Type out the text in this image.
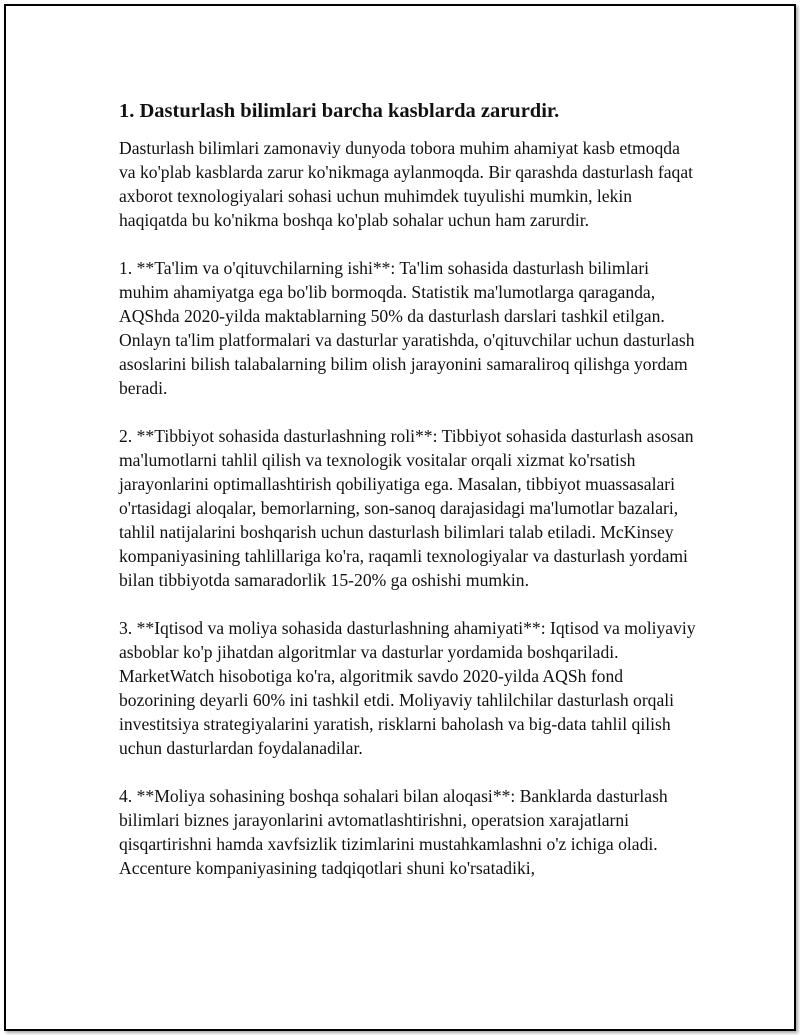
1. Dasturlash bilimlari barcha kasblarda zarurdir.

Dasturlash bilimlari zamonaviy dunyoda tobora muhim ahamiyat kasb etmoqda va ko'plab kasblarda zarur ko'nikmaga aylanmoqda. Bir qarashda dasturlash faqat axborot texnologiyalari sohasi uchun muhimdek tuyulishi mumkin, lekin haqiqatda bu ko'nikma boshqa ko'plab sohalar uchun ham zarurdir.

1. **Ta'lim va o'qituvchilarning ishi**: Ta'lim sohasida dasturlash bilimlari muhim ahamiyatga ega bo'lib bormoqda. Statistik ma'lumotlarga qaraganda, AQShda 2020-yilda maktablarning 50% da dasturlash darslari tashkil etilgan. Onlayn ta'lim platformalari va dasturlar yaratishda, o'qituvchilar uchun dasturlash asoslarini bilish talabalarning bilim olish jarayonini samaraliroq qilishga yordam beradi.

2. **Tibbiyot sohasida dasturlashning roli**: Tibbiyot sohasida dasturlash asosan ma'lumotlarni tahlil qilish va texnologik vositalar orqali xizmat ko'rsatish jarayonlarini optimallashtirish qobiliyatiga ega. Masalan, tibbiyot muassasalari o'rtasidagi aloqalar, bemorlarning, son-sanoq darajasidagi ma'lumotlar bazalari, tahlil natijalarini boshqarish uchun dasturlash bilimlari talab etiladi. McKinsey kompaniyasining tahlillariga ko'ra, raqamli texnologiyalar va dasturlash yordami bilan tibbiyotda samaradorlik 15-20% ga oshishi mumkin.

3. **Iqtisod va moliya sohasida dasturlashning ahamiyati**: Iqtisod va moliyaviy asboblar ko'p jihatdan algoritmlar va dasturlar yordamida boshqariladi. MarketWatch hisobotiga ko'ra, algoritmik savdo 2020-yilda AQSh fond bozorining deyarli 60% ini tashkil etdi. Moliyaviy tahlilchilar dasturlash orqali investitsiya strategiyalarini yaratish, risklarni baholash va big-data tahlil qilish uchun dasturlardan foydalanadilar.

4. **Moliya sohasining boshqa sohalari bilan aloqasi**: Banklarda dasturlash bilimlari biznes jarayonlarini avtomatlashtirishni, operatsion xarajatlarni qisqartirishni hamda xavfsizlik tizimlarini mustahkamlashni o'z ichiga oladi. Accenture kompaniyasining tadqiqotlari shuni ko'rsatadiki,
